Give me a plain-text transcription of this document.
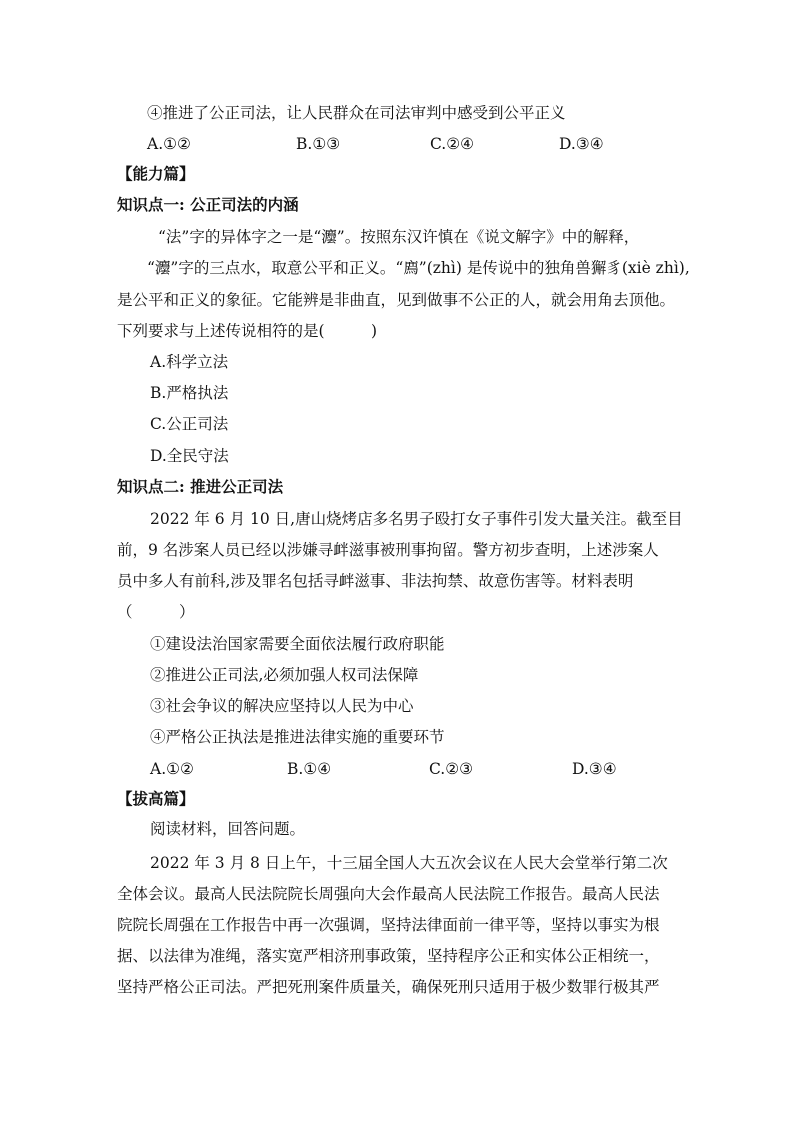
④推进了公正司法，让人民群众在司法审判中感受到公平正义
A.①②	B.①③	C.②④	D.③④
【能力篇】
知识点一: 公正司法的内涵
“法”字的异体字之一是“灋”。按照东汉许慎在《说文解字》中的解释，
“灋”字的三点水，取意公平和正义。“廌”(zhì) 是传说中的独角兽獬豸(xiè zhì),
是公平和正义的象征。它能辨是非曲直，见到做事不公正的人，就会用角去顶他。
下列要求与上述传说相符的是(　　　)
A.科学立法
B.严格执法
C.公正司法
D.全民守法
知识点二: 推进公正司法
2022 年 6 月 10 日,唐山烧烤店多名男子殴打女子事件引发大量关注。截至目
前，9 名涉案人员已经以涉嫌寻衅滋事被刑事拘留。警方初步查明，上述涉案人
员中多人有前科,涉及罪名包括寻衅滋事、非法拘禁、故意伤害等。材料表明
（　　　）
①建设法治国家需要全面依法履行政府职能
②推进公正司法,必须加强人权司法保障
③社会争议的解决应坚持以人民为中心
④严格公正执法是推进法律实施的重要环节
A.①②	B.①④	C.②③	D.③④
【拔高篇】
阅读材料，回答问题。
2022 年 3 月 8 日上午，十三届全国人大五次会议在人民大会堂举行第二次
全体会议。最高人民法院院长周强向大会作最高人民法院工作报告。最高人民法
院院长周强在工作报告中再一次强调，坚持法律面前一律平等，坚持以事实为根
据、以法律为准绳，落实宽严相济刑事政策，坚持程序公正和实体公正相统一，
坚持严格公正司法。严把死刑案件质量关，确保死刑只适用于极少数罪行极其严
